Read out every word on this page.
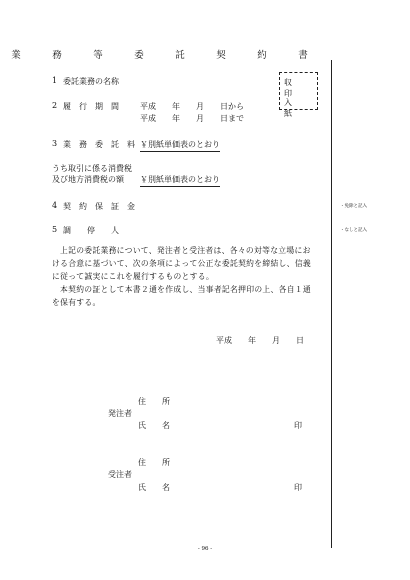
業　務　等　委　託　契　約　書
収　印
入　紙
1 委託業務の名称
2 履　行　期　間	平成　　年　　月　　日から
平成　　年　　月　　日まで
3 業　務　委　託　料 ￥別紙単価表のとおり
うち取引に係る消費税
及び地方消費税の額 ￥別紙単価表のとおり
4 契　約　保　証　金	・免除と記入
5 調　　停　　人	・なしと記入
上記の委託業務について、発注者と受注者は、各々の対等な立場における合意に基づいて、次の条項によって公正な委託契約を締結し、信義に従って誠実にこれを履行するものとする。
本契約の証として本書２通を作成し、当事者記名押印の上、各自１通を保有する。
平成　　年　　月　　日
住　　所
発注者
氏　　名	印
住　　所
受注者
氏　　名	印
- 96 -
